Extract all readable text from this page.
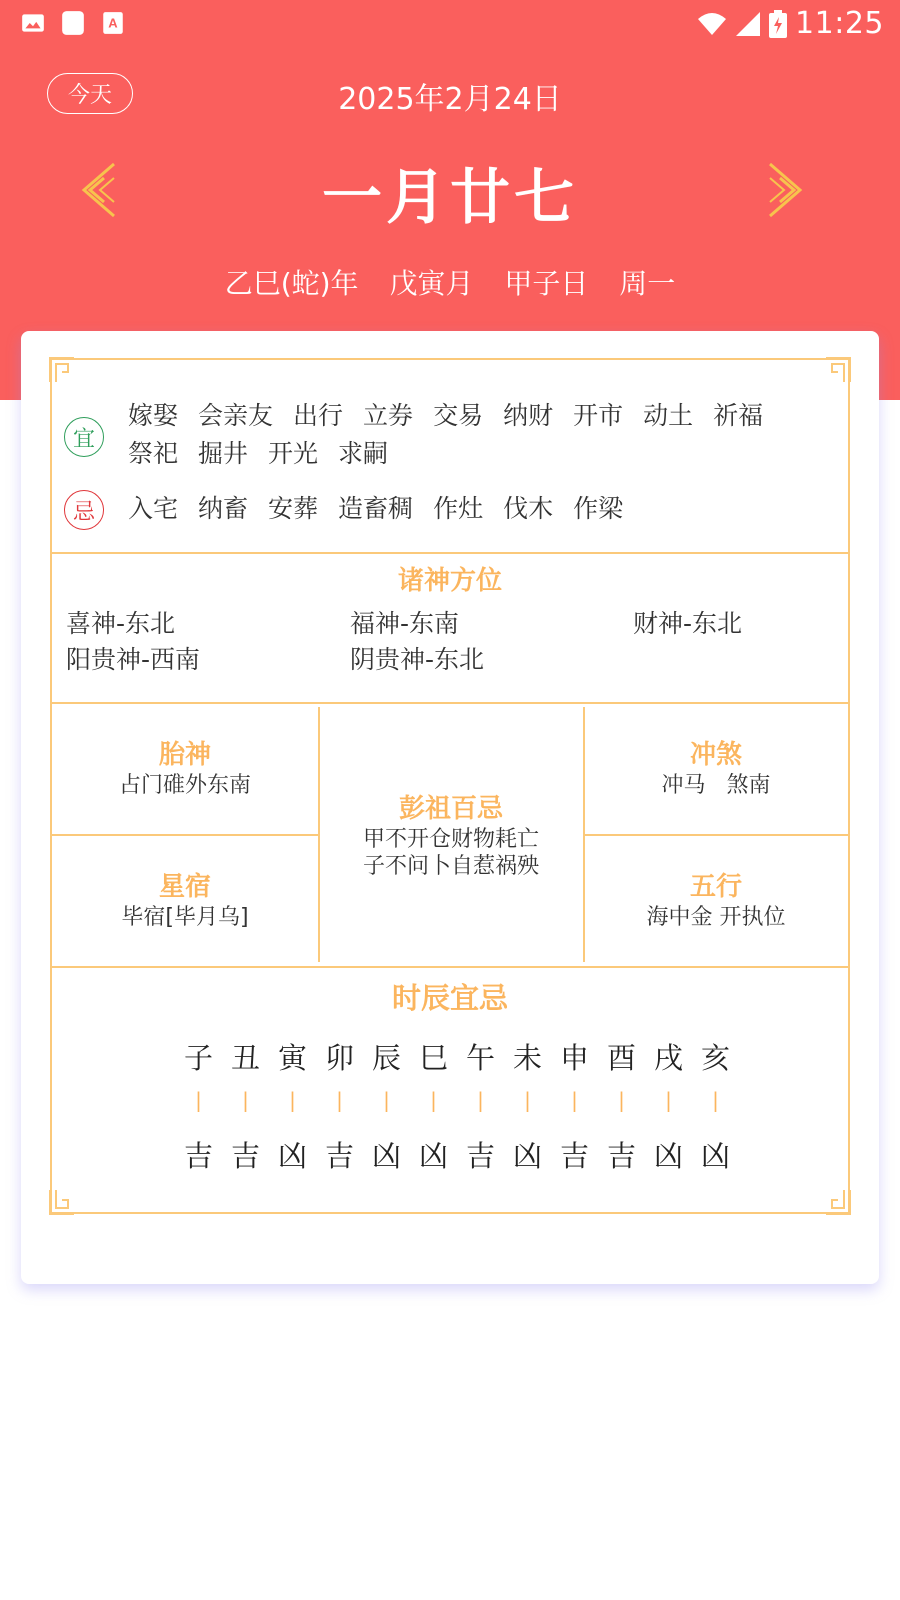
A	11:25
今天	2025年2月24日
一月廿七
乙巳(蛇)年 戊寅月 甲子日 周一
宜
嫁娶 会亲友 出行 立券 交易 纳财 开市 动土 祈福
祭祀 掘井 开光 求嗣
忌	入宅 纳畜 安葬 造畜稠 作灶 伐木 作梁
诸神方位
喜神-东北	福神-东南	财神-东北
阳贵神-西南	阴贵神-东北
胎神
占门碓外东南
彭祖百忌
甲不开仓财物耗亡
子不问卜自惹祸殃
冲煞
冲马   煞南
星宿
毕宿[毕月乌]
五行
海中金 开执位
时辰宜忌
子 丑 寅 卯 辰 巳 午 未 申 酉 戌 亥
|	|	|	|	|	|	|	|	|	|	|	|
吉 吉 凶 吉 凶 凶 吉 凶 吉 吉 凶 凶
